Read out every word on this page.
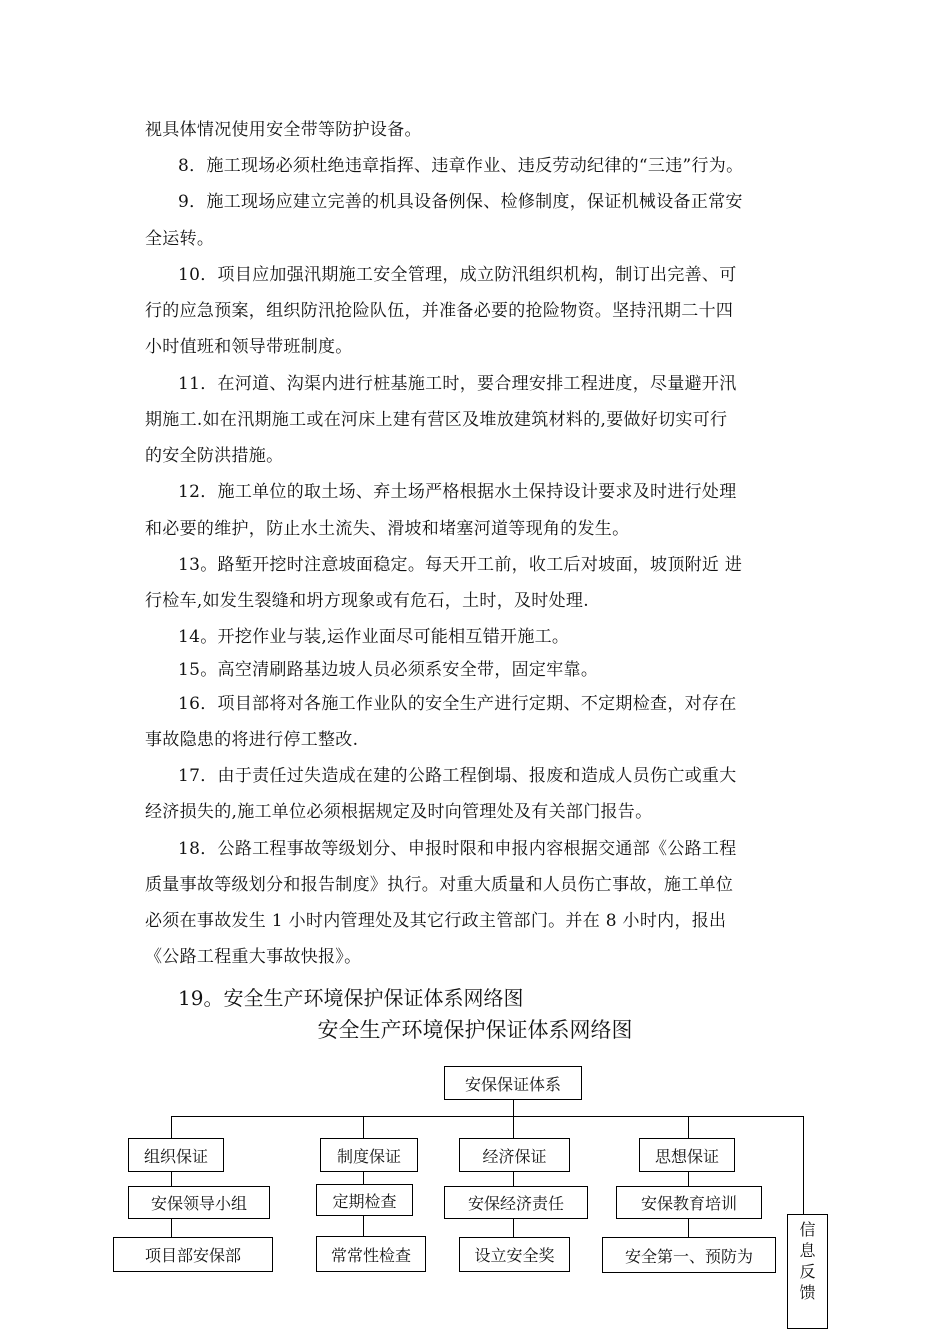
视具体情况使用安全带等防护设备。
8．施工现场必须杜绝违章指挥、违章作业、违反劳动纪律的“三违”行为。
9．施工现场应建立完善的机具设备例保、检修制度，保证机械设备正常安
全运转。
10．项目应加强汛期施工安全管理，成立防汛组织机构，制订出完善、可
行的应急预案，组织防汛抢险队伍，并准备必要的抢险物资。坚持汛期二十四
小时值班和领导带班制度。
11．在河道、沟渠内进行桩基施工时，要合理安排工程进度，尽量避开汛
期施工.如在汛期施工或在河床上建有营区及堆放建筑材料的,要做好切实可行
的安全防洪措施。
12．施工单位的取土场、弃土场严格根据水土保持设计要求及时进行处理
和必要的维护，防止水土流失、滑坡和堵塞河道等现角的发生。
13。路堑开挖时注意坡面稳定。每天开工前，收工后对坡面，坡顶附近 进
行检车,如发生裂缝和坍方现象或有危石，土时，及时处理.
14。开挖作业与装,运作业面尽可能相互错开施工。
15。高空清刷路基边坡人员必须系安全带，固定牢靠。
16．项目部将对各施工作业队的安全生产进行定期、不定期检查，对存在
事故隐患的将进行停工整改.
17．由于责任过失造成在建的公路工程倒塌、报废和造成人员伤亡或重大
经济损失的,施工单位必须根据规定及时向管理处及有关部门报告。
18．公路工程事故等级划分、申报时限和申报内容根据交通部《公路工程
质量事故等级划分和报告制度》执行。对重大质量和人员伤亡事故，施工单位
必须在事故发生 1 小时内管理处及其它行政主管部门。并在 8 小时内，报出
《公路工程重大事故快报》。
19。安全生产环境保护保证体系网络图
安全生产环境保护保证体系网络图
安保保证体系
组织保证	制度保证	经济保证	思想保证
安保领导小组	定期检查	安保经济责任	安保教育培训
项目部安保部	常常性检查	设立安全奖	安全第一、预防为
信
息
反
馈
